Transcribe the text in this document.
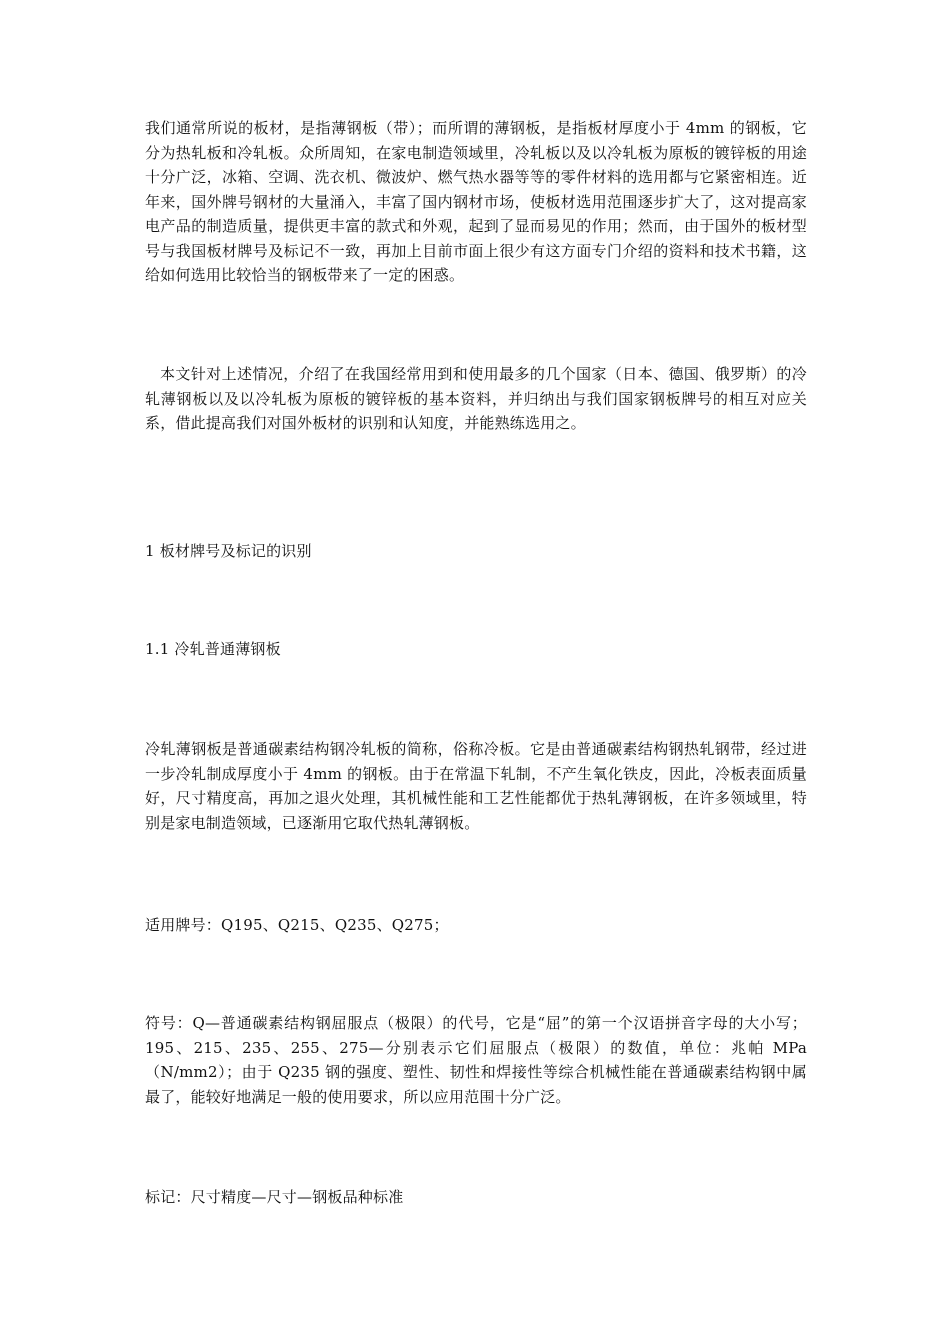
我们通常所说的板材，是指薄钢板（带）；而所谓的薄钢板，是指板材厚度小于 4mm 的钢板，它分为热轧板和冷轧板。众所周知，在家电制造领域里，冷轧板以及以冷轧板为原板的镀锌板的用途十分广泛，冰箱、空调、洗衣机、微波炉、燃气热水器等等的零件材料的选用都与它紧密相连。近年来，国外牌号钢材的大量涌入，丰富了国内钢材市场，使板材选用范围逐步扩大了，这对提高家电产品的制造质量，提供更丰富的款式和外观，起到了显而易见的作用；然而，由于国外的板材型号与我国板材牌号及标记不一致，再加上目前市面上很少有这方面专门介绍的资料和技术书籍，这给如何选用比较恰当的钢板带来了一定的困惑。

本文针对上述情况，介绍了在我国经常用到和使用最多的几个国家（日本、德国、俄罗斯）的冷轧薄钢板以及以冷轧板为原板的镀锌板的基本资料，并归纳出与我们国家钢板牌号的相互对应关系，借此提高我们对国外板材的识别和认知度，并能熟练选用之。

1 板材牌号及标记的识别

1.1 冷轧普通薄钢板

冷轧薄钢板是普通碳素结构钢冷轧板的简称，俗称冷板。它是由普通碳素结构钢热轧钢带，经过进一步冷轧制成厚度小于 4mm 的钢板。由于在常温下轧制，不产生氧化铁皮，因此，冷板表面质量好，尺寸精度高，再加之退火处理，其机械性能和工艺性能都优于热轧薄钢板，在许多领域里，特别是家电制造领域，已逐渐用它取代热轧薄钢板。

适用牌号：Q195、Q215、Q235、Q275；

符号：Q—普通碳素结构钢屈服点（极限）的代号，它是“屈”的第一个汉语拼音字母的大小写；195、215、235、255、275—分别表示它们屈服点（极限）的数值，单位：兆帕 MPa（N/mm2）；由于 Q235 钢的强度、塑性、韧性和焊接性等综合机械性能在普通碳素结构钢中属最了，能较好地满足一般的使用要求，所以应用范围十分广泛。

标记：尺寸精度—尺寸—钢板品种标准
